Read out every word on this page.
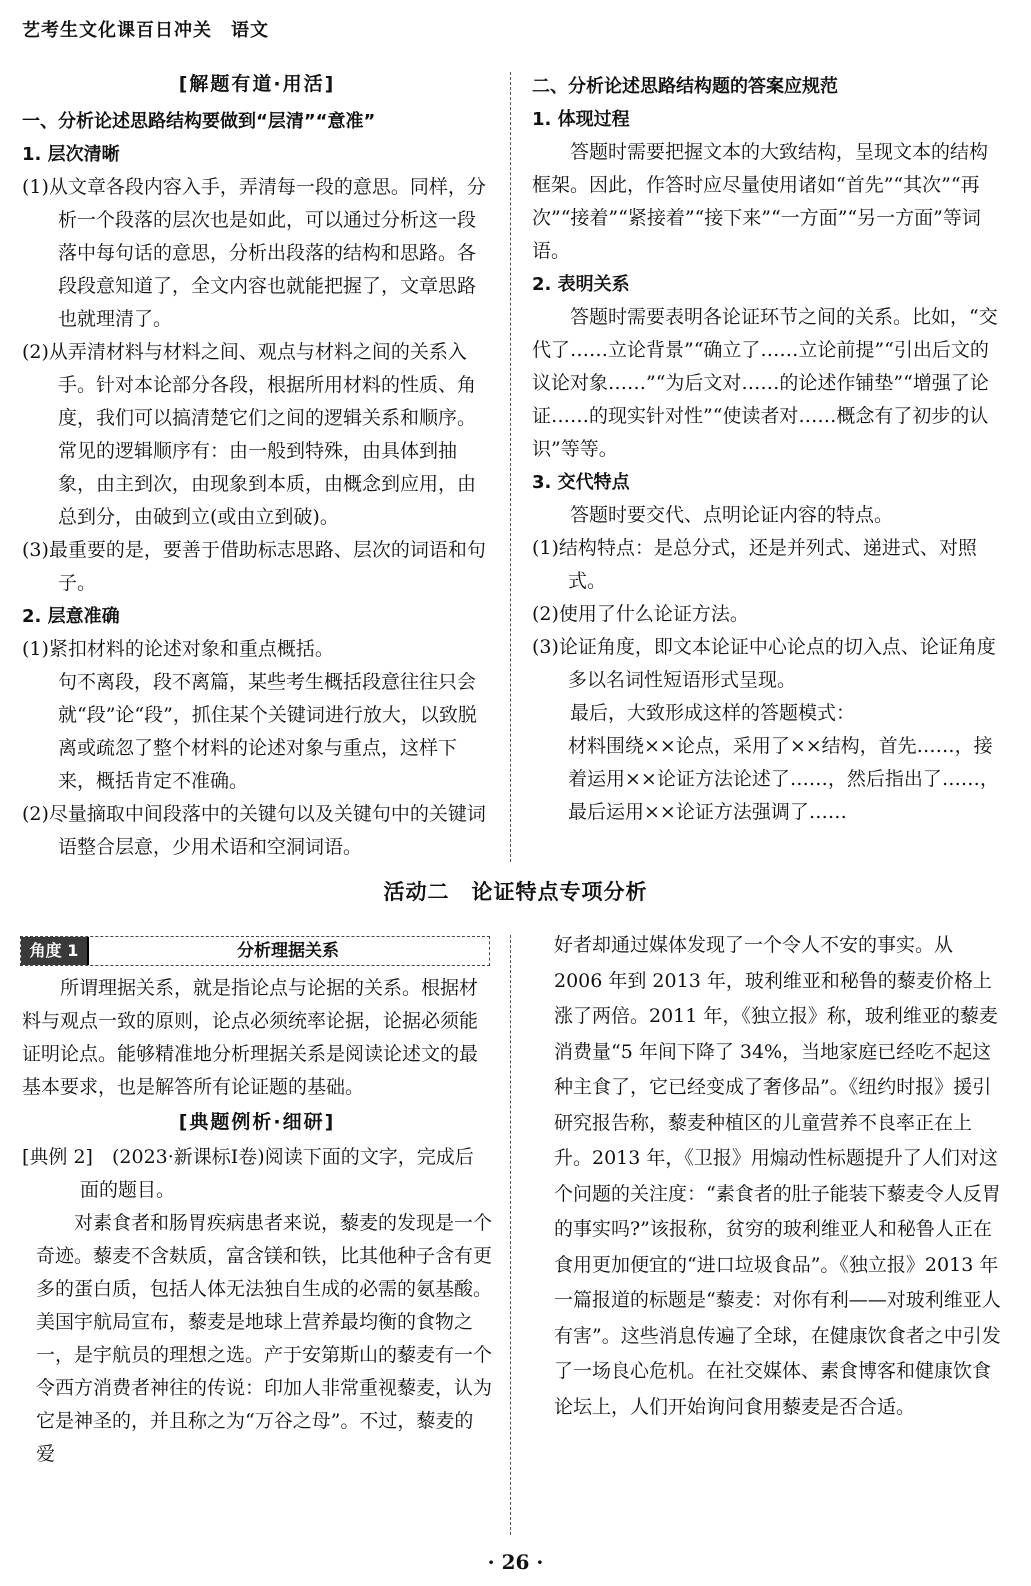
艺考生文化课百日冲关　语文
[解题有道·用活]
一、分析论述思路结构要做到“层清”“意准”
1. 层次清晰
(1)从文章各段内容入手，弄清每一段的意思。同样，分析一个段落的层次也是如此，可以通过分析这一段落中每句话的意思，分析出段落的结构和思路。各段段意知道了，全文内容也就能把握了，文章思路也就理清了。
(2)从弄清材料与材料之间、观点与材料之间的关系入手。针对本论部分各段，根据所用材料的性质、角度，我们可以搞清楚它们之间的逻辑关系和顺序。常见的逻辑顺序有：由一般到特殊，由具体到抽象，由主到次，由现象到本质，由概念到应用，由总到分，由破到立(或由立到破)。
(3)最重要的是，要善于借助标志思路、层次的词语和句子。
2. 层意准确
(1)紧扣材料的论述对象和重点概括。
句不离段，段不离篇，某些考生概括段意往往只会就“段”论“段”，抓住某个关键词进行放大，以致脱离或疏忽了整个材料的论述对象与重点，这样下来，概括肯定不准确。
(2)尽量摘取中间段落中的关键句以及关键句中的关键词语整合层意，少用术语和空洞词语。
二、分析论述思路结构题的答案应规范
1. 体现过程
答题时需要把握文本的大致结构，呈现文本的结构框架。因此，作答时应尽量使用诸如“首先”“其次”“再次”“接着”“紧接着”“接下来”“一方面”“另一方面”等词语。
2. 表明关系
答题时需要表明各论证环节之间的关系。比如，“交代了……立论背景”“确立了……立论前提”“引出后文的议论对象……”“为后文对……的论述作铺垫”“增强了论证……的现实针对性”“使读者对……概念有了初步的认识”等等。
3. 交代特点
答题时要交代、点明论证内容的特点。
(1)结构特点：是总分式，还是并列式、递进式、对照式。
(2)使用了什么论证方法。
(3)论证角度，即文本论证中心论点的切入点、论证角度多以名词性短语形式呈现。
最后，大致形成这样的答题模式：
材料围绕××论点，采用了××结构，首先……，接着运用××论证方法论述了……，然后指出了……，最后运用××论证方法强调了……
活动二　论证特点专项分析
角度 1	分析理据关系
所谓理据关系，就是指论点与论据的关系。根据材料与观点一致的原则，论点必须统率论据，论据必须能证明论点。能够精准地分析理据关系是阅读论述文的最基本要求，也是解答所有论证题的基础。
[典题例析·细研]
[典例 2]　 (2023·新课标Ⅰ卷)阅读下面的文字，完成后面的题目。
对素食者和肠胃疾病患者来说，藜麦的发现是一个奇迹。藜麦不含麸质，富含镁和铁，比其他种子含有更多的蛋白质，包括人体无法独自生成的必需的氨基酸。美国宇航局宣布，藜麦是地球上营养最均衡的食物之一，是宇航员的理想之选。产于安第斯山的藜麦有一个令西方消费者神往的传说：印加人非常重视藜麦，认为它是神圣的，并且称之为“万谷之母”。不过，藜麦的爱
好者却通过媒体发现了一个令人不安的事实。从 2006 年到 2013 年，玻利维亚和秘鲁的藜麦价格上涨了两倍。2011 年，《独立报》称，玻利维亚的藜麦消费量“5 年间下降了 34%，当地家庭已经吃不起这种主食了，它已经变成了奢侈品”。《纽约时报》援引研究报告称，藜麦种植区的儿童营养不良率正在上升。2013 年，《卫报》用煽动性标题提升了人们对这个问题的关注度：“素食者的肚子能装下藜麦令人反胃的事实吗?”该报称，贫穷的玻利维亚人和秘鲁人正在食用更加便宜的“进口垃圾食品”。《独立报》2013 年一篇报道的标题是“藜麦：对你有利——对玻利维亚人有害”。这些消息传遍了全球，在健康饮食者之中引发了一场良心危机。在社交媒体、素食博客和健康饮食论坛上，人们开始询问食用藜麦是否合适。
· 26 ·
